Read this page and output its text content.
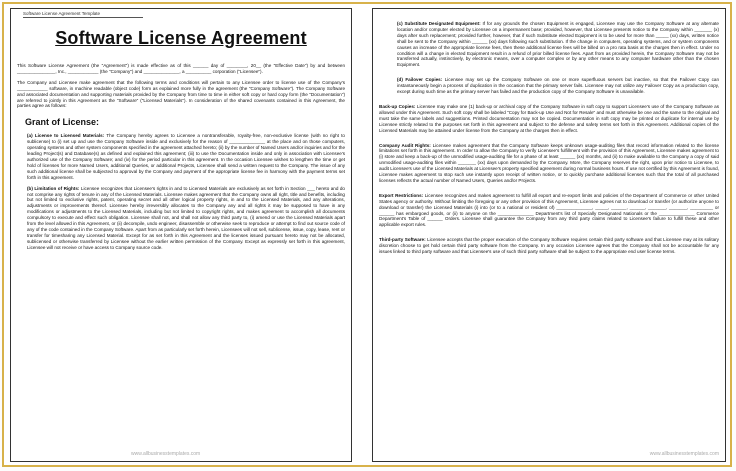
Software License Agreement Template
Software License Agreement

This Software License Agreement (the "Agreement") is made effective as of this ______ day of ________, 20__ (the "Effective Date") by and between _______________, Inc., ____________ (the "Company") and ______________, a __________ corporation ("Licensee").

The Company and Licensee make agreement that the following terms and conditions will pertain to any Licensee order to license use of the Company's ____________ software, in machine readable (object code) form as explained more fully in the agreement (the "Company Software"). The Company Software and associated documentation and supporting materials provided by the Company from time to time in either soft copy or hard copy form (the "Documentation") are referred to jointly in this Agreement as the "Software" ("Licensed Materials"). In consideration of the shared covenants contained in this Agreement, the parties agree as follows:

Grant of License:

(a) License to Licensed Materials: The Company hereby agrees to Licensee a nontransferable, royalty-free, non-exclusive license (with no right to sublicense) to (i) set up and use the Company Software inside and exclusively for the reason of ______________ at the place and on those computers, operating systems and other system components specified in the agreement attached hereto; (ii) by the number of Named Users and/or inquiries and for the leading Project(s) and Database(s) as defined and explained this agreement; (iii) to use the Documentation inside and only in association with Licensee's authorized use of the Company Software; and (iv) for the period particular in this agreement. In the occasion Licensee wishes to lengthen the time or get hold of licenses for more Named Users, additional Queries, or additional Projects, Licensee shall send a written request to the Company. The issue of any such additional license shall be subjected to approval by the Company and payment of the appropriate license fee in harmony with the payment terms set forth in this agreement.

(b) Limitation of Rights: Licensee recognizes that Licensee's rights in and to Licensed Materials are exclusively as set forth in Section ___ hereto and do not comprise any rights of tenure in any of the Licensed Materials. Licensee makes agreement that the Company owns all right, title and benefits, including but not limited to exclusive rights, patent, operating secret and all other logical property rights, in and to the Licensed Materials, and any alterations, adjustments or improvements thereof. Licensee hereby irreversibly allocates to the Company any and all rights it may be supposed to have in any modifications or adjustments to the Licensed Materials, including but not limited to copyright rights, and makes agreement to accomplish all documents compulsory to execute and effect such obligation. Licensee shall not, and shall not allow any third party to, (i) amend or use the Licensed Materials apart from the level allowed in this Agreement, or (ii) decompile, undo engineer, disassemble or otherwise seek to reproduce or attempt to find out source code of any of the code contained in the Company Software. Apart from as particularly set forth herein, Licensees will not sell, sublicense, issue, copy, lease, rent or transfer for timesharing any Licensed Material. Except for as set forth in this Agreement and the licenses issued pursuant hereto may not be allocated, sublicensed or otherwise transferred by Licensee without the earlier written permission of the Company. Except as expressly set forth in this agreement, Licensee will not receive or have access to Company source code.

www.allbusinesstemplates.com

(c) Substitute Designated Equipment: If for any grounds the chosen Equipment is engaged, Licensee may use the Company Software at any alternate location and/or computer elected by Licensee on a impermanent base; provided, however, that Licensee presents notice to the Company within _______ (x) days after such replacement; provided further, however, that if such Substitute elected Equipment is to be used for more than _____ (xx) days, written notice shall be sent to the Company within ______ (xx) days following such substitution. If the change in computers, operating systems, and or system components causes an increase of the appropriate license fees, then these additional license fees will be billed on a pro rata basis at the charges then in effect. Under no condition will a change in elected Equipment result in a refund of prior billed license fees. Apart from as provided herein, the Company Software may not be transferred actually, instinctively, by electronic means, over a computer complex or by any other means to any computer hardware other than the chosen Equipment.

(d) Failover Copies: Licensee may set up the Company Software on one or more superfluous servers but inactive, so that the Failover Copy can instantaneously begin a process of duplication in the occasion that the primary server fails. Licensee may not utilize any Failover Copy as a production copy, except during such time as the primary server has failed and the production copy of the Company Software is unavailable.

Back-up Copies: Licensee may make one (1) back-up or archival copy of the Company Software in soft copy to support Licensee's use of the Company Software as allowed under this Agreement. Such soft copy shall be labeled "Copy for Back-up Use and Not for Resale" and must otherwise be one and the same to the original and must take the same labels and suggestions. Printed documentation may not be copied. Documentation in soft copy may be printed or duplicate for internal use by Licensee strictly related to the purposes set forth in this agreement and subject to the defense and safety terms set forth in this Agreement. Additional copies of the Licensed Materials may be attained under license from the Company at the charges then in effect.

Company Audit Rights: Licensee makes agreement that the Company Software keeps unknown usage-auditing files that record information related to the license limitations set forth in this agreement. In order to allow the Company to verify Licensee's fulfillment with the provision of this Agreement, Licensee makes agreement to (i) store and keep a back-up of the unmodified usage-auditing file for a phase of at least ______ (xx) months, and (ii) to make available to the Company a copy of said unmodified usage-auditing files within _______ (xx) days upon demanded by the Company. More, the Company reserves the right, upon prior notice to Licensee, to audit Licensee's use of the Licensed Materials at Licensee's property specified agreement during normal business hours. If use not certified by this Agreement is found, Licensee makes agreement to stop such use instantly upon receipt of written notice, or to quickly purchase additional licenses such that the total of all purchased licenses reflects the actual number of Named Users, Queries and/or Projects.

Export Restrictions: Licensee recognizes and makes agreement to fulfill all export and re-export limits and policies of the Department of Commerce or other United States agency or authority. Without limiting the foregoing or any other provision of this Agreement, Licensee agrees not to download or transfer (or authorize anyone to download or transfer) the Licensed Materials (i) into (or to a national or resident of) ______________, _____, ______, ______, _______, _______, _________ or ______ has embargoed goods, or (ii) to anyone on the ______________ Department's list of Specially Designated Nationals or the ______________ Commerce Department's Table of ______ Orders. Licensee shall guarantee the Company from any third party claims related to Licensee's failure to fulfill these and other applicable export rules.

Third-party Software: Licensee accepts that the proper execution of the Company Software requires certain third party software and that Licensee may at its solitary discretion choose to get hold certain third party software from the Company. In any occasion Licensee agrees that the Company shall not be accountable for any issues linked to third party software and that Licensee's use of such third party software shall be subject to the appropriate end user license terms.

www.allbusinesstemplates.com
